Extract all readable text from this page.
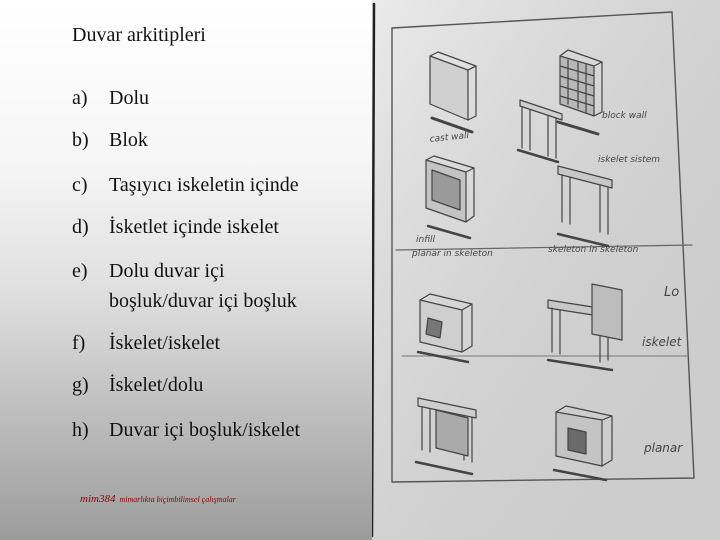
Duvar arkitipleri
a) Dolu
b) Blok
c) Taşıyıcı iskeletin içinde
d) İsketlet içinde iskelet
e) Dolu duvar içi
boşluk/duvar içi boşluk
f) İskelet/iskelet
g) İskelet/dolu
h) Duvar içi boşluk/iskelet
mim384 mimarlıkta biçimbilimsel çalışmalar
cast wall
block wall
iskelet sistem
infill
planar in skeleton	skeleton in skeleton
Lo
iskelet
planar
